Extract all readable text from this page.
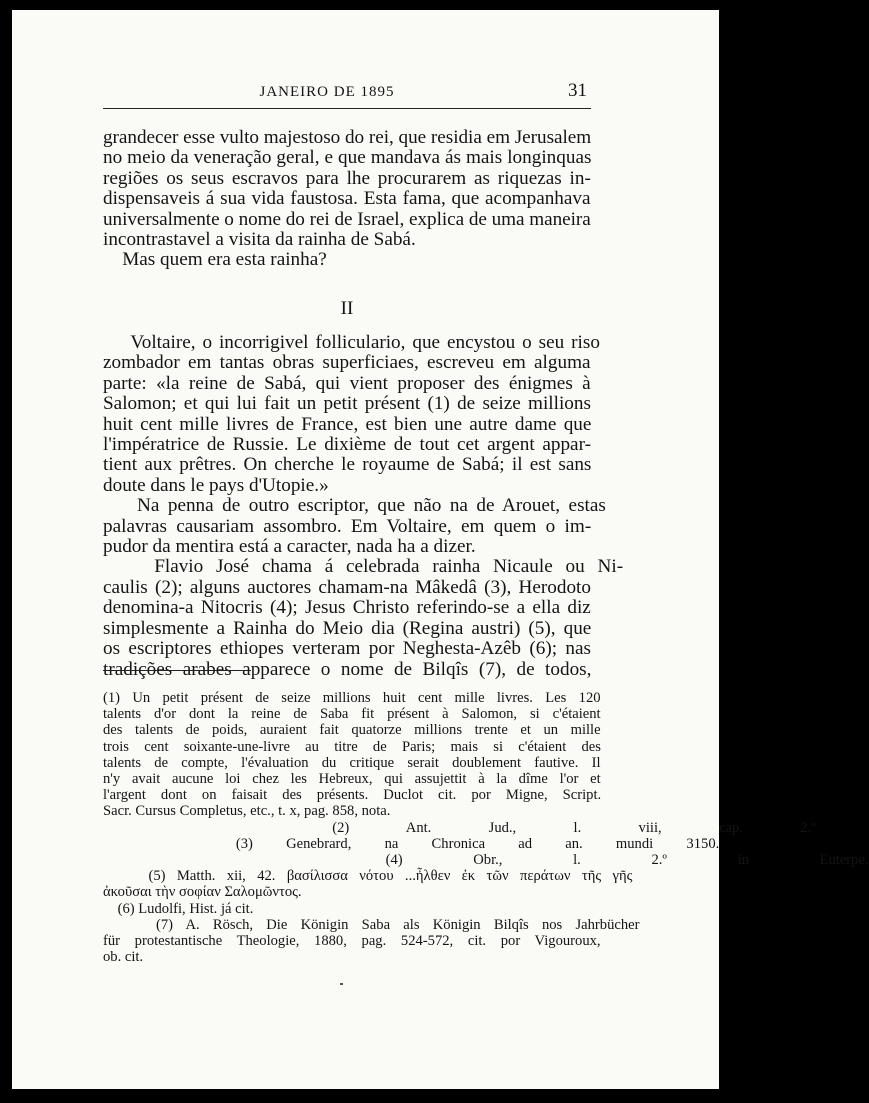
JANEIRO DE 1895	31
grandecer esse vulto majestoso do rei, que residia em Jerusalem
no meio da veneração geral, e que mandava ás mais longinquas
regiões os seus escravos para lhe procurarem as riquezas in-
dispensaveis á sua vida faustosa. Esta fama, que acompanhava
universalmente o nome do rei de Israel, explica de uma maneira
incontrastavel a visita da rainha de Sabá.
Mas quem era esta rainha?
II
Voltaire, o incorrigivel folliculario, que encystou o seu riso
zombador em tantas obras superficiaes, escreveu em alguma
parte: «la reine de Sabá, qui vient proposer des énigmes à
Salomon; et qui lui fait un petit présent (1) de seize millions
huit cent mille livres de France, est bien une autre dame que
l'impératrice de Russie. Le dixième de tout cet argent appar-
tient aux prêtres. On cherche le royaume de Sabá; il est sans
doute dans le pays d'Utopie.»
Na penna de outro escriptor, que não na de Arouet, estas
palavras causariam assombro. Em Voltaire, em quem o im-
pudor da mentira está a caracter, nada ha a dizer.
Flavio José chama á celebrada rainha Nicaule ou Ni-
caulis (2); alguns auctores chamam-na Mâkedâ (3), Herodoto
denomina-a Nitocris (4); Jesus Christo referindo-se a ella diz
simplesmente a Rainha do Meio dia (Regina austri) (5), que
os escriptores ethiopes verteram por Neghesta-Azêb (6); nas
tradições arabes apparece o nome de Bilqîs (7), de todos,
(1) Un petit présent de seize millions huit cent mille livres. Les 120
talents d'or dont la reine de Saba fit présent à Salomon, si c'étaient
des talents de poids, auraient fait quatorze millions trente et un mille
trois cent soixante-une-livre au titre de Paris; mais si c'étaient des
talents de compte, l'évaluation du critique serait doublement fautive. Il
n'y avait aucune loi chez les Hebreux, qui assujettit à la dîme l'or et
l'argent dont on faisait des présents. Duclot cit. por Migne, Script.
Sacr. Cursus Completus, etc., t. x, pag. 858, nota.
(2) Ant. Jud., l. viii, cap. 2.º
(3) Genebrard, na Chronica ad an. mundi 3150.
(4) Obr., l. 2.º in Euterpe.
(5) Matth. xii, 42. βασίλισσα νότου ...ἦλθεν ἐκ τῶν περάτων τῆς γῆς
ἀκοῦσαι τὴν σοφίαν Σαλομῶντος.
(6) Ludolfi, Hist. já cit.
(7) A. Rösch, Die Königin Saba als Königin Bilqîs nos Jahrbücher
für protestantische Theologie, 1880, pag. 524-572, cit. por Vigouroux,
ob. cit.
